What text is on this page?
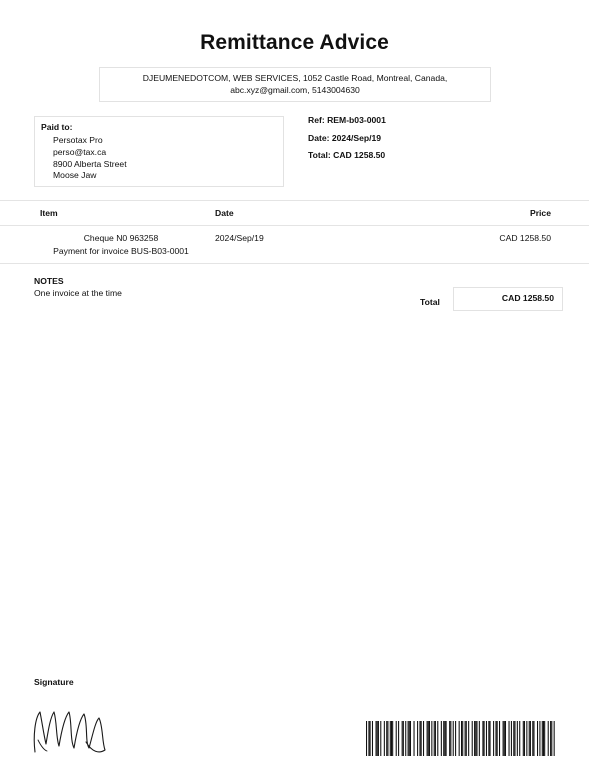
Remittance Advice
DJEUMENEDOTCOM, WEB SERVICES, 1052 Castle Road, Montreal, Canada,
abc.xyz@gmail.com, 5143004630
Paid to:
Persotax Pro
perso@tax.ca
8900 Alberta Street
Moose Jaw
Ref: REM-b03-0001
Date: 2024/Sep/19
Total: CAD 1258.50
Item	Date	Price
Cheque N0 963258
Payment for invoice BUS-B03-0001
2024/Sep/19	CAD 1258.50
NOTES
One invoice at the time
Total	CAD 1258.50
Signature
